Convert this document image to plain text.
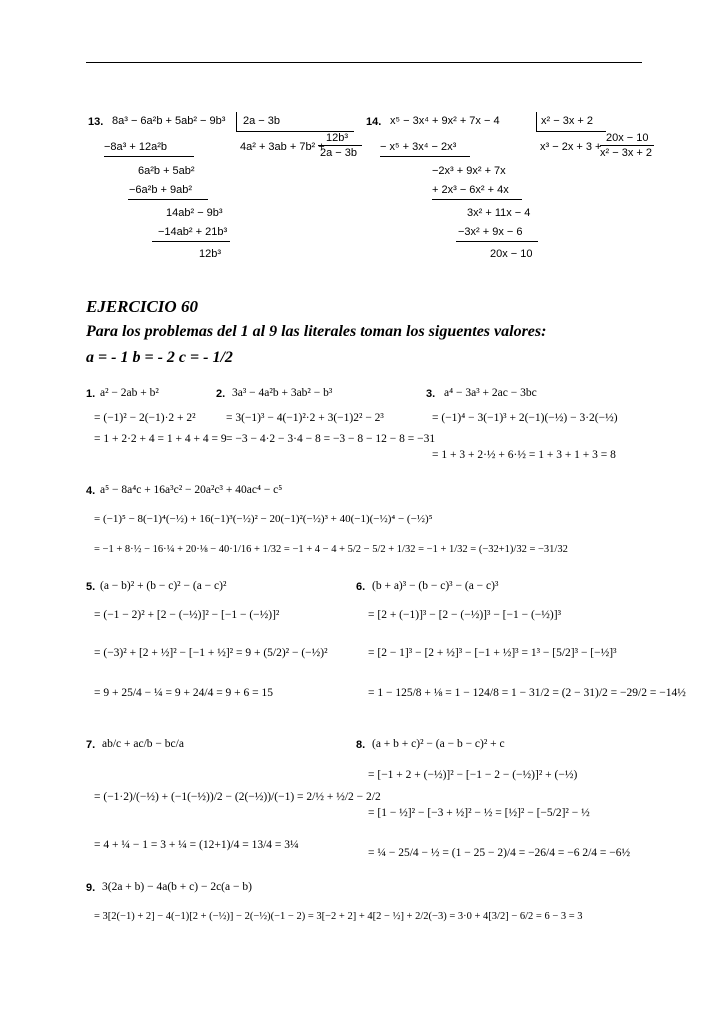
13. 8a³ − 6a²b + 5ab² − 9b³ 2a − 3b
4a² + 3ab + 7b² +
12b³
2a − 3b
−8a³ + 12a²b
6a²b + 5ab²
−6a²b + 9ab²
14ab² − 9b³
−14ab² + 21b³
12b³
14. x⁵ − 3x⁴ + 9x² + 7x − 4	x² − 3x + 2
x³ − 2x + 3 +
20x − 10
x² − 3x + 2
− x⁵ + 3x⁴ − 2x³
−2x³ + 9x² + 7x
+ 2x³ − 6x² + 4x
3x² + 11x − 4
−3x² + 9x − 6
20x − 10
EJERCICIO 60
Para los problemas del 1 al 9 las literales toman los siguentes valores:
a = - 1 b = - 2 c = - 1/2
1. a² − 2ab + b²
= (−1)² − 2(−1)·2 + 2²
= 1 + 2·2 + 4 = 1 + 4 + 4 = 9
2. 3a³ − 4a²b + 3ab² − b³
= 3(−1)³ − 4(−1)²·2 + 3(−1)2² − 2³
= −3 − 4·2 − 3·4 − 8 = −3 − 8 − 12 − 8 = −31
3. a⁴ − 3a³ + 2ac − 3bc
= (−1)⁴ − 3(−1)³ + 2(−1)(−½) − 3·2(−½)
= 1 + 3 + 2·½ + 6·½ = 1 + 3 + 1 + 3 = 8
4. a⁵ − 8a⁴c + 16a³c² − 20a²c³ + 40ac⁴ − c⁵
= (−1)⁵ − 8(−1)⁴(−½) + 16(−1)³(−½)² − 20(−1)²(−½)³ + 40(−1)(−½)⁴ − (−½)⁵
= −1 + 8·½ − 16·¼ + 20·⅛ − 40·1/16 + 1/32 = −1 + 4 − 4 + 5/2 − 5/2 + 1/32 = −1 + 1/32 = (−32+1)/32 = −31/32
5. (a − b)² + (b − c)² − (a − c)²
= (−1 − 2)² + [2 − (−½)]² − [−1 − (−½)]²
= (−3)² + [2 + ½]² − [−1 + ½]² = 9 + (5/2)² − (−½)²
= 9 + 25/4 − ¼ = 9 + 24/4 = 9 + 6 = 15
6. (b + a)³ − (b − c)³ − (a − c)³
= [2 + (−1)]³ − [2 − (−½)]³ − [−1 − (−½)]³
= [2 − 1]³ − [2 + ½]³ − [−1 + ½]³ = 1³ − [5/2]³ − [−½]³
= 1 − 125/8 + ⅛ = 1 − 124/8 = 1 − 31/2 = (2 − 31)/2 = −29/2 = −14½
7. ab/c + ac/b − bc/a
= (−1·2)/(−½) + (−1(−½))/2 − (2(−½))/(−1) = 2/½ + ½/2 − 2/2
= 4 + ¼ − 1 = 3 + ¼ = (12+1)/4 = 13/4 = 3¼
8. (a + b + c)² − (a − b − c)² + c
= [−1 + 2 + (−½)]² − [−1 − 2 − (−½)]² + (−½)
= [1 − ½]² − [−3 + ½]² − ½ = [½]² − [−5/2]² − ½
= ¼ − 25/4 − ½ = (1 − 25 − 2)/4 = −26/4 = −6 2/4 = −6½
9. 3(2a + b) − 4a(b + c) − 2c(a − b)
= 3[2(−1) + 2] − 4(−1)[2 + (−½)] − 2(−½)(−1 − 2) = 3[−2 + 2] + 4[2 − ½] + 2/2(−3) = 3·0 + 4[3/2] − 6/2 = 6 − 3 = 3
